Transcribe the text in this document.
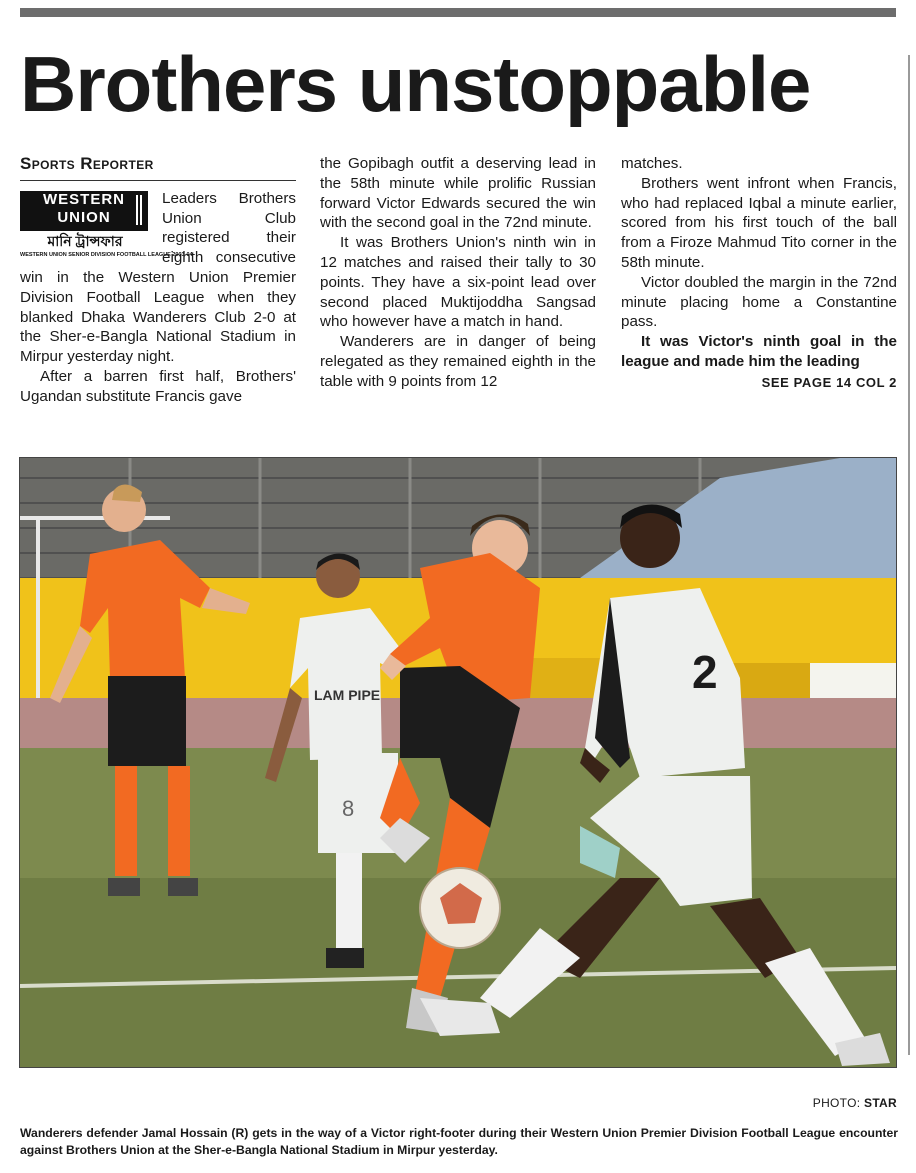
Brothers unstoppable
Sports Reporter
WESTERN
UNION
মানি ট্রান্সফার
WESTERN UNION SENIOR DIVISION FOOTBALL LEAGUE 2003-04

Leaders Brothers Union Club registered their eighth consecutive win in the Western Union Premier Division Football League when they blanked Dhaka Wanderers Club 2-0 at the Sher-e-Bangla National Stadium in Mirpur yesterday night.

After a barren first half, Brothers' Ugandan substitute Francis gave

the Gopibagh outfit a deserving lead in the 58th minute while prolific Russian forward Victor Edwards secured the win with the second goal in the 72nd minute.

It was Brothers Union's ninth win in 12 matches and raised their tally to 30 points. They have a six-point lead over second placed Muktijoddha Sangsad who however have a match in hand.

Wanderers are in danger of being relegated as they remained eighth in the table with 9 points from 12

matches.

Brothers went infront when Francis, who had replaced Iqbal a minute earlier, scored from his first touch of the ball from a Firoze Mahmud Tito corner in the 58th minute.

Victor doubled the margin in the 72nd minute placing home a Constantine pass.

It was Victor's ninth goal in the league and made him the leading

SEE PAGE 14 COL 2
LAM PIPE
8
2
PHOTO: STAR
Wanderers defender Jamal Hossain (R) gets in the way of a Victor right-footer during their Western Union Premier Division Football League encounter against Brothers Union at the Sher-e-Bangla National Stadium in Mirpur yesterday.
